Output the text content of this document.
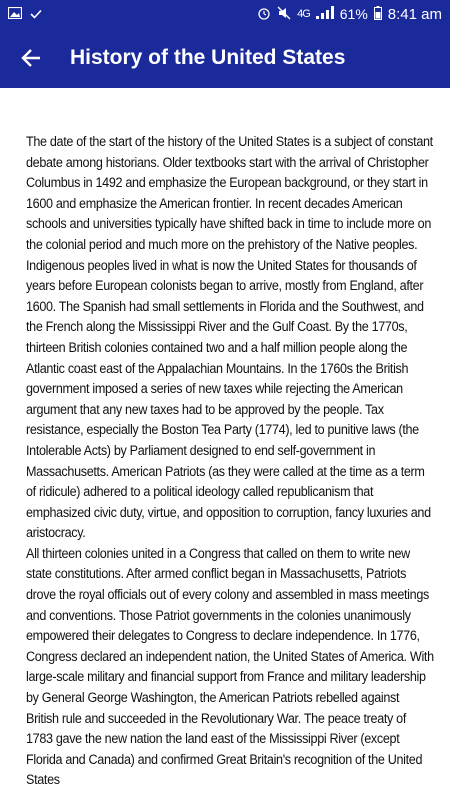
4G 61% 8:41 am
History of the United States

The date of the start of the history of the United States is a subject of constant debate among historians. Older textbooks start with the arrival of Christopher Columbus in 1492 and emphasize the European background, or they start in 1600 and emphasize the American frontier. In recent decades American schools and universities typically have shifted back in time to include more on the colonial period and much more on the prehistory of the Native peoples.

Indigenous peoples lived in what is now the United States for thousands of years before European colonists began to arrive, mostly from England, after 1600. The Spanish had small settlements in Florida and the Southwest, and the French along the Mississippi River and the Gulf Coast. By the 1770s, thirteen British colonies contained two and a half million people along the Atlantic coast east of the Appalachian Mountains. In the 1760s the British government imposed a series of new taxes while rejecting the American argument that any new taxes had to be approved by the people. Tax resistance, especially the Boston Tea Party (1774), led to punitive laws (the Intolerable Acts) by Parliament designed to end self-government in Massachusetts. American Patriots (as they were called at the time as a term of ridicule) adhered to a political ideology called republicanism that emphasized civic duty, virtue, and opposition to corruption, fancy luxuries and aristocracy.

All thirteen colonies united in a Congress that called on them to write new state constitutions. After armed conflict began in Massachusetts, Patriots drove the royal officials out of every colony and assembled in mass meetings and conventions. Those Patriot governments in the colonies unanimously empowered their delegates to Congress to declare independence. In 1776, Congress declared an independent nation, the United States of America. With large-scale military and financial support from France and military leadership by General George Washington, the American Patriots rebelled against British rule and succeeded in the Revolutionary War. The peace treaty of 1783 gave the new nation the land east of the Mississippi River (except Florida and Canada) and confirmed Great Britain's recognition of the United States
